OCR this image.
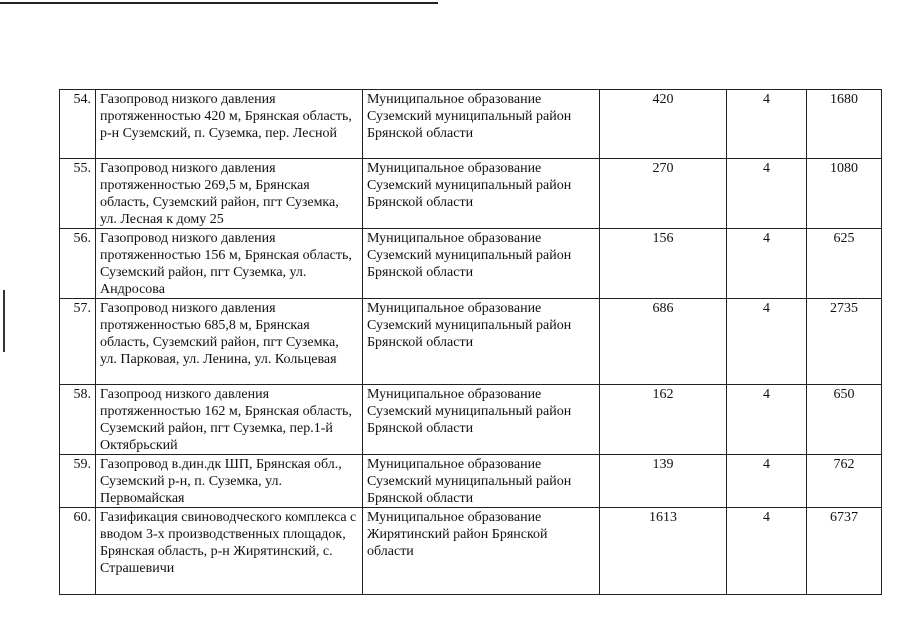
54.	Газопровод низкого давления протяженностью 420 м, Брянская область, р-н Суземский, п. Суземка, пер. Лесной	Муниципальное образование Суземский муниципальный район Брянской области	420	4	1680
55.	Газопровод низкого давления протяженностью 269,5 м, Брянская область, Суземский район, пгт Суземка, ул. Лесная к дому 25	Муниципальное образование Суземский муниципальный район Брянской области	270	4	1080
56.	Газопровод низкого давления протяженностью 156 м, Брянская область, Суземский район, пгт Суземка, ул. Андросова	Муниципальное образование Суземский муниципальный район Брянской области	156	4	625
57.	Газопровод низкого давления протяженностью 685,8 м, Брянская область, Суземский район, пгт Суземка, ул. Парковая, ул. Ленина, ул. Кольцевая	Муниципальное образование Суземский муниципальный район Брянской области	686	4	2735
58.	Газопроод низкого давления протяженностью 162 м, Брянская область, Суземский район, пгт Суземка, пер.1-й Октябрьский	Муниципальное образование Суземский муниципальный район Брянской области	162	4	650
59.	Газопровод в.дин.дк ШП, Брянская обл., Суземский р-н, п. Суземка, ул. Первомайская	Муниципальное образование Суземский муниципальный район Брянской области	139	4	762
60.	Газификация свиноводческого комплекса с вводом 3-х производственных площадок, Брянская область, р-н Жирятинский, с. Страшевичи	Муниципальное образование Жирятинский район Брянской области	1613	4	6737
